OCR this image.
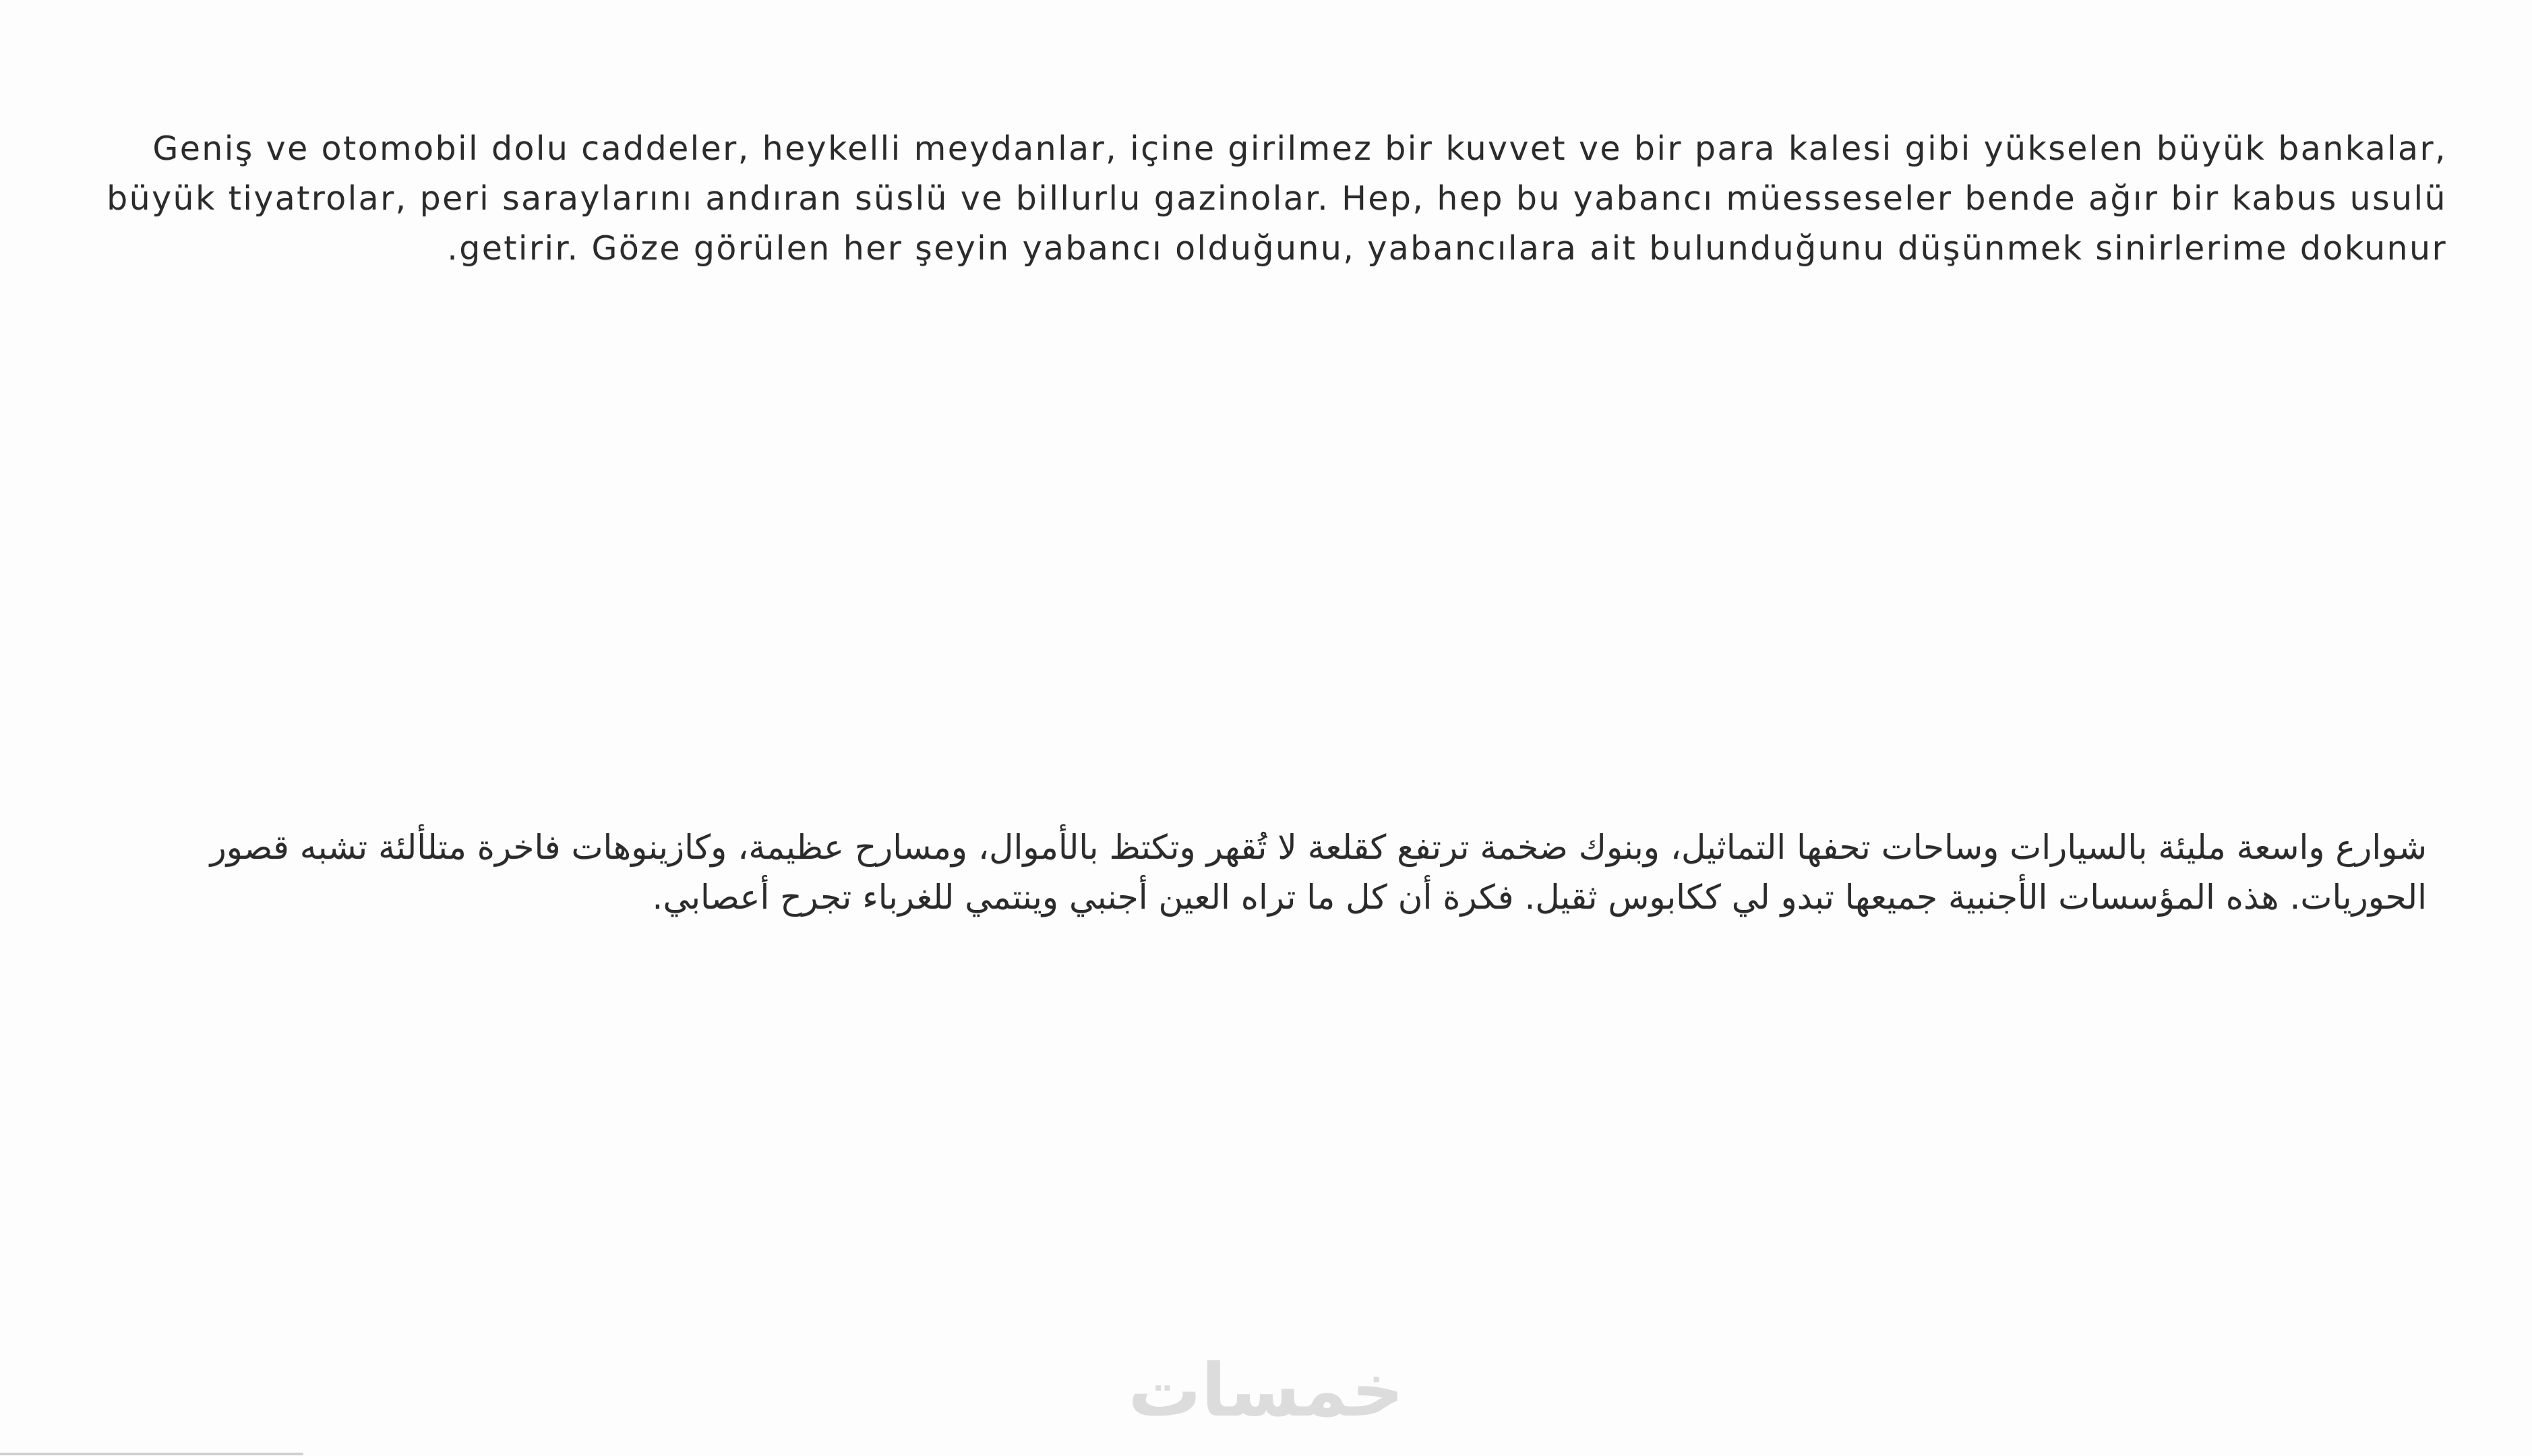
Geniş ve otomobil dolu caddeler, heykelli meydanlar, içine girilmez bir kuvvet ve bir para kalesi gibi yükselen büyük bankalar, büyük tiyatrolar, peri saraylarını andıran süslü ve billurlu gazinolar. Hep, hep bu yabancı müesseseler bende ağır bir kabus usulü getirir. Göze görülen her şeyin yabancı olduğunu, yabancılara ait bulunduğunu düşünmek sinirlerime dokunur.

شوارع واسعة مليئة بالسيارات وساحات تحفها التماثيل، وبنوك ضخمة ترتفع كقلعة لا تُقهر وتكتظ بالأموال، ومسارح عظيمة، وكازينوهات فاخرة متلألئة تشبه قصور الحوريات. هذه المؤسسات الأجنبية جميعها تبدو لي ككابوس ثقيل. فكرة أن كل ما تراه العين أجنبي وينتمي للغرباء تجرح أعصابي.

خمسات
